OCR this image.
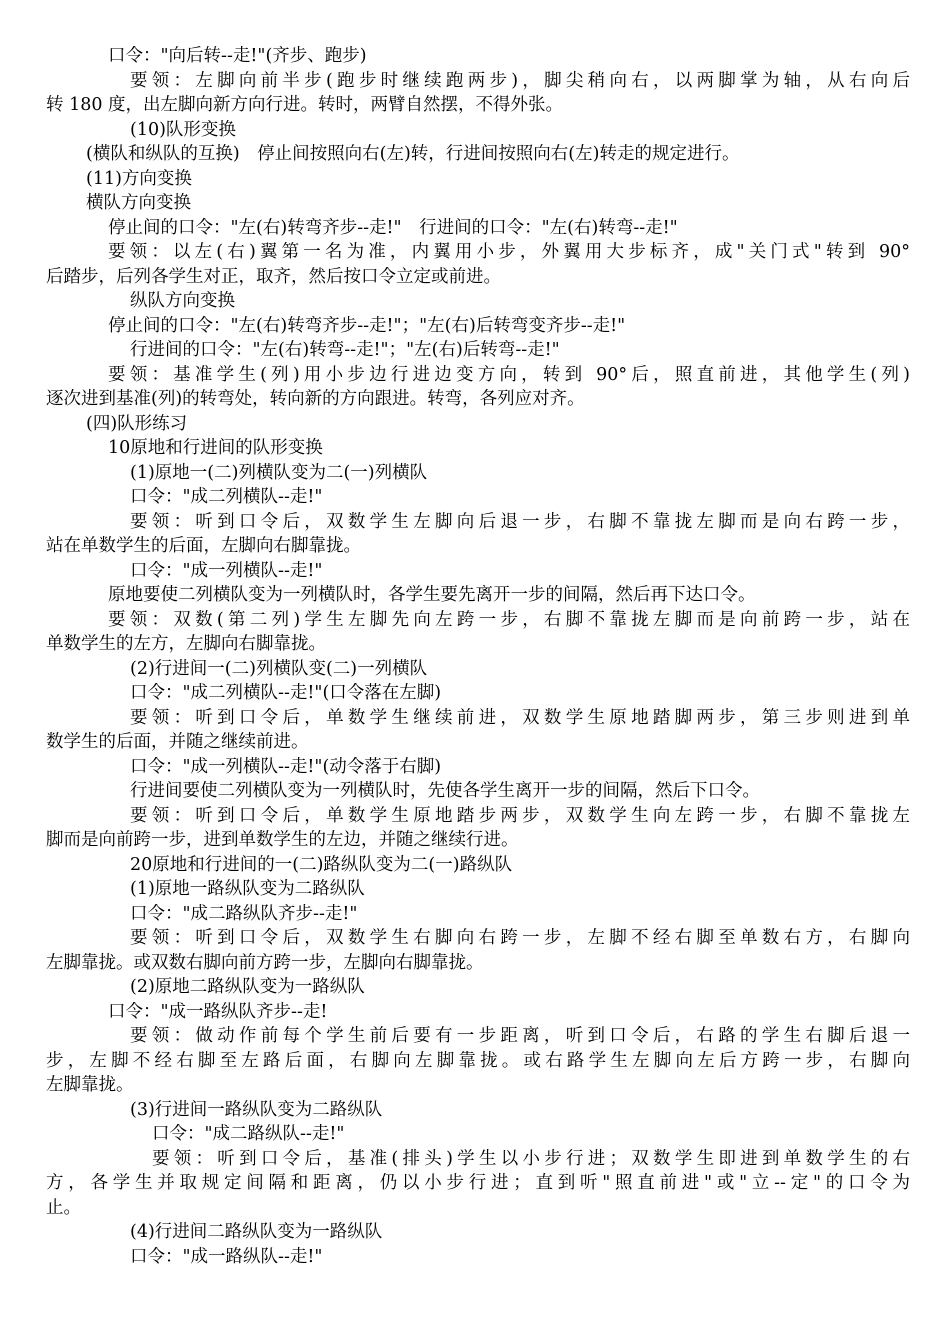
口令："向后转--走!"(齐步、跑步)
要领：左脚向前半步(跑步时继续跑两步)，脚尖稍向右，以两脚掌为轴，从右向后
转 180 度，出左脚向新方向行进。转时，两臂自然摆，不得外张。
(10)队形变换
(横队和纵队的互换)　停止间按照向右(左)转，行进间按照向右(左)转走的规定进行。
(11)方向变换
横队方向变换
停止间的口令："左(右)转弯齐步--走!"　行进间的口令："左(右)转弯--走!"
要领：以左(右)翼第一名为准，内翼用小步，外翼用大步标齐，成"关门式"转到 90°
后踏步，后列各学生对正，取齐，然后按口令立定或前进。
纵队方向变换
停止间的口令："左(右)转弯齐步--走!"；"左(右)后转弯变齐步--走!"
行进间的口令："左(右)转弯--走!"；"左(右)后转弯--走!"
要领：基准学生(列)用小步边行进边变方向，转到 90°后，照直前进，其他学生(列)
逐次进到基准(列)的转弯处，转向新的方向跟进。转弯，各列应对齐。
(四)队形练习
10原地和行进间的队形变换
(1)原地一(二)列横队变为二(一)列横队
口令："成二列横队--走!"
要领：听到口令后，双数学生左脚向后退一步，右脚不靠拢左脚而是向右跨一步，
站在单数学生的后面，左脚向右脚靠拢。
口令："成一列横队--走!"
原地要使二列横队变为一列横队时，各学生要先离开一步的间隔，然后再下达口令。
要领：双数(第二列)学生左脚先向左跨一步，右脚不靠拢左脚而是向前跨一步，站在
单数学生的左方，左脚向右脚靠拢。
(2)行进间一(二)列横队变(二)一列横队
口令："成二列横队--走!"(口令落在左脚)
要领：听到口令后，单数学生继续前进，双数学生原地踏脚两步，第三步则进到单
数学生的后面，并随之继续前进。
口令："成一列横队--走!"(动令落于右脚)
行进间要使二列横队变为一列横队时，先使各学生离开一步的间隔，然后下口令。
要领：听到口令后，单数学生原地踏步两步，双数学生向左跨一步，右脚不靠拢左
脚而是向前跨一步，进到单数学生的左边，并随之继续行进。
20原地和行进间的一(二)路纵队变为二(一)路纵队
(1)原地一路纵队变为二路纵队
口令："成二路纵队齐步--走!"
要领：听到口令后，双数学生右脚向右跨一步，左脚不经右脚至单数右方，右脚向
左脚靠拢。或双数右脚向前方跨一步，左脚向右脚靠拢。
(2)原地二路纵队变为一路纵队
口令："成一路纵队齐步--走!
要领：做动作前每个学生前后要有一步距离，听到口令后，右路的学生右脚后退一
步，左脚不经右脚至左路后面，右脚向左脚靠拢。或右路学生左脚向左后方跨一步，右脚向
左脚靠拢。
(3)行进间一路纵队变为二路纵队
口令："成二路纵队--走!"
要领：听到口令后，基准(排头)学生以小步行进；双数学生即进到单数学生的右
方，各学生并取规定间隔和距离，仍以小步行进；直到听"照直前进"或"立--定"的口令为
止。
(4)行进间二路纵队变为一路纵队
口令："成一路纵队--走!"
